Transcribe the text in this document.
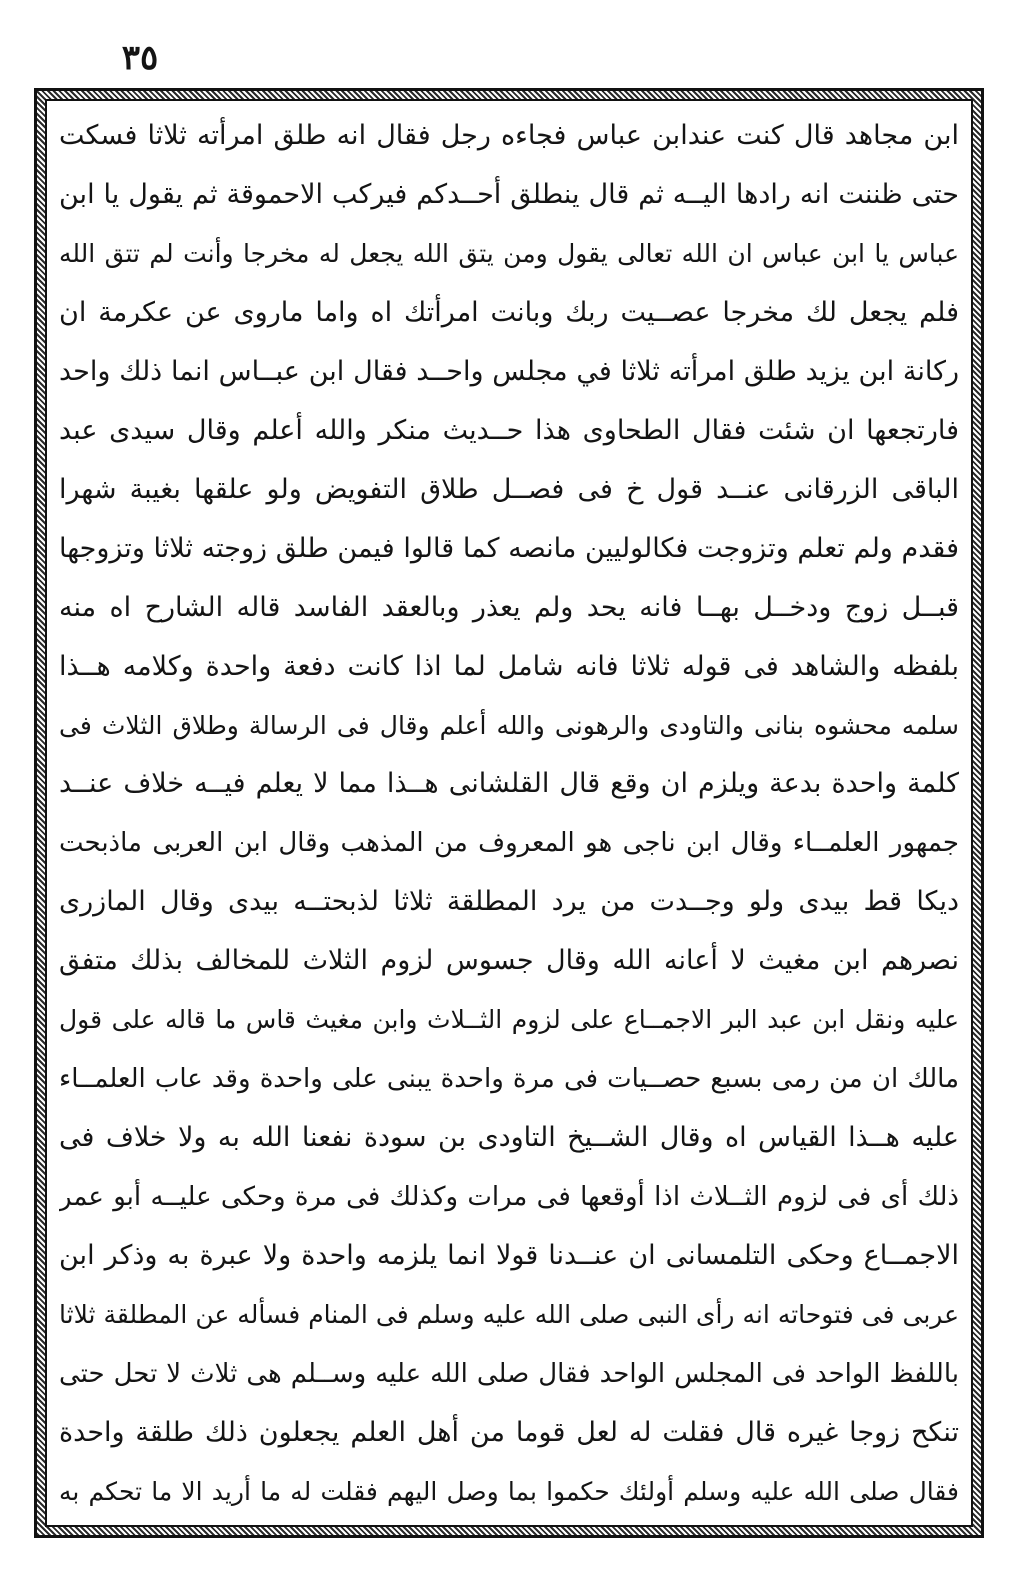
٣٥
ابن مجاهد قال كنت عندابن عباس فجاءه رجل فقال انه طلق امرأته ثلاثا فسكت
حتى ظننت انه رادها اليــه ثم قال ينطلق أحــدكم فيركب الاحموقة ثم يقول يا ابن
عباس يا ابن عباس ان الله تعالى يقول ومن يتق الله يجعل له مخرجا وأنت لم تتق الله
فلم يجعل لك مخرجا عصــيت ربك وبانت امرأتك اه واما ماروى عن عكرمة ان
ركانة ابن يزيد طلق امرأته ثلاثا في مجلس واحــد فقال ابن عبــاس انما ذلك واحد
فارتجعها ان شئت فقال الطحاوى هذا حــديث منكر والله أعلم وقال سيدى عبد
الباقى الزرقانى عنــد قول خ فى فصــل طلاق التفويض ولو علقها بغيبة شهرا
فقدم ولم تعلم وتزوجت فكالوليين مانصه كما قالوا فيمن طلق زوجته ثلاثا وتزوجها
قبــل زوج ودخــل بهــا فانه يحد ولم يعذر وبالعقد الفاسد قاله الشارح اه منه
بلفظه والشاهد فى قوله ثلاثا فانه شامل لما اذا كانت دفعة واحدة وكلامه هــذا
سلمه محشوه بنانى والتاودى والرهونى والله أعلم وقال فى الرسالة وطلاق الثلاث فى
كلمة واحدة بدعة ويلزم ان وقع قال القلشانى هــذا مما لا يعلم فيــه خلاف عنــد
جمهور العلمــاء وقال ابن ناجى هو المعروف من المذهب وقال ابن العربى ماذبحت
ديكا قط بيدى ولو وجــدت من يرد المطلقة ثلاثا لذبحتــه بيدى وقال المازرى
نصرهم ابن مغيث لا أعانه الله وقال جسوس لزوم الثلاث للمخالف بذلك متفق
عليه ونقل ابن عبد البر الاجمــاع على لزوم الثــلاث وابن مغيث قاس ما قاله على قول
مالك ان من رمى بسبع حصــيات فى مرة واحدة يبنى على واحدة وقد عاب العلمــاء
عليه هــذا القياس اه وقال الشــيخ التاودى بن سودة نفعنا الله به ولا خلاف فى
ذلك أى فى لزوم الثــلاث اذا أوقعها فى مرات وكذلك فى مرة وحكى عليــه أبو عمر
الاجمــاع وحكى التلمسانى ان عنــدنا قولا انما يلزمه واحدة ولا عبرة به وذكر ابن
عربى فى فتوحاته انه رأى النبى صلى الله عليه وسلم فى المنام فسأله عن المطلقة ثلاثا
باللفظ الواحد فى المجلس الواحد فقال صلى الله عليه وســلم هى ثلاث لا تحل حتى
تنكح زوجا غيره قال فقلت له لعل قوما من أهل العلم يجعلون ذلك طلقة واحدة
فقال صلى الله عليه وسلم أولئك حكموا بما وصل اليهم فقلت له ما أريد الا ما تحكم به
